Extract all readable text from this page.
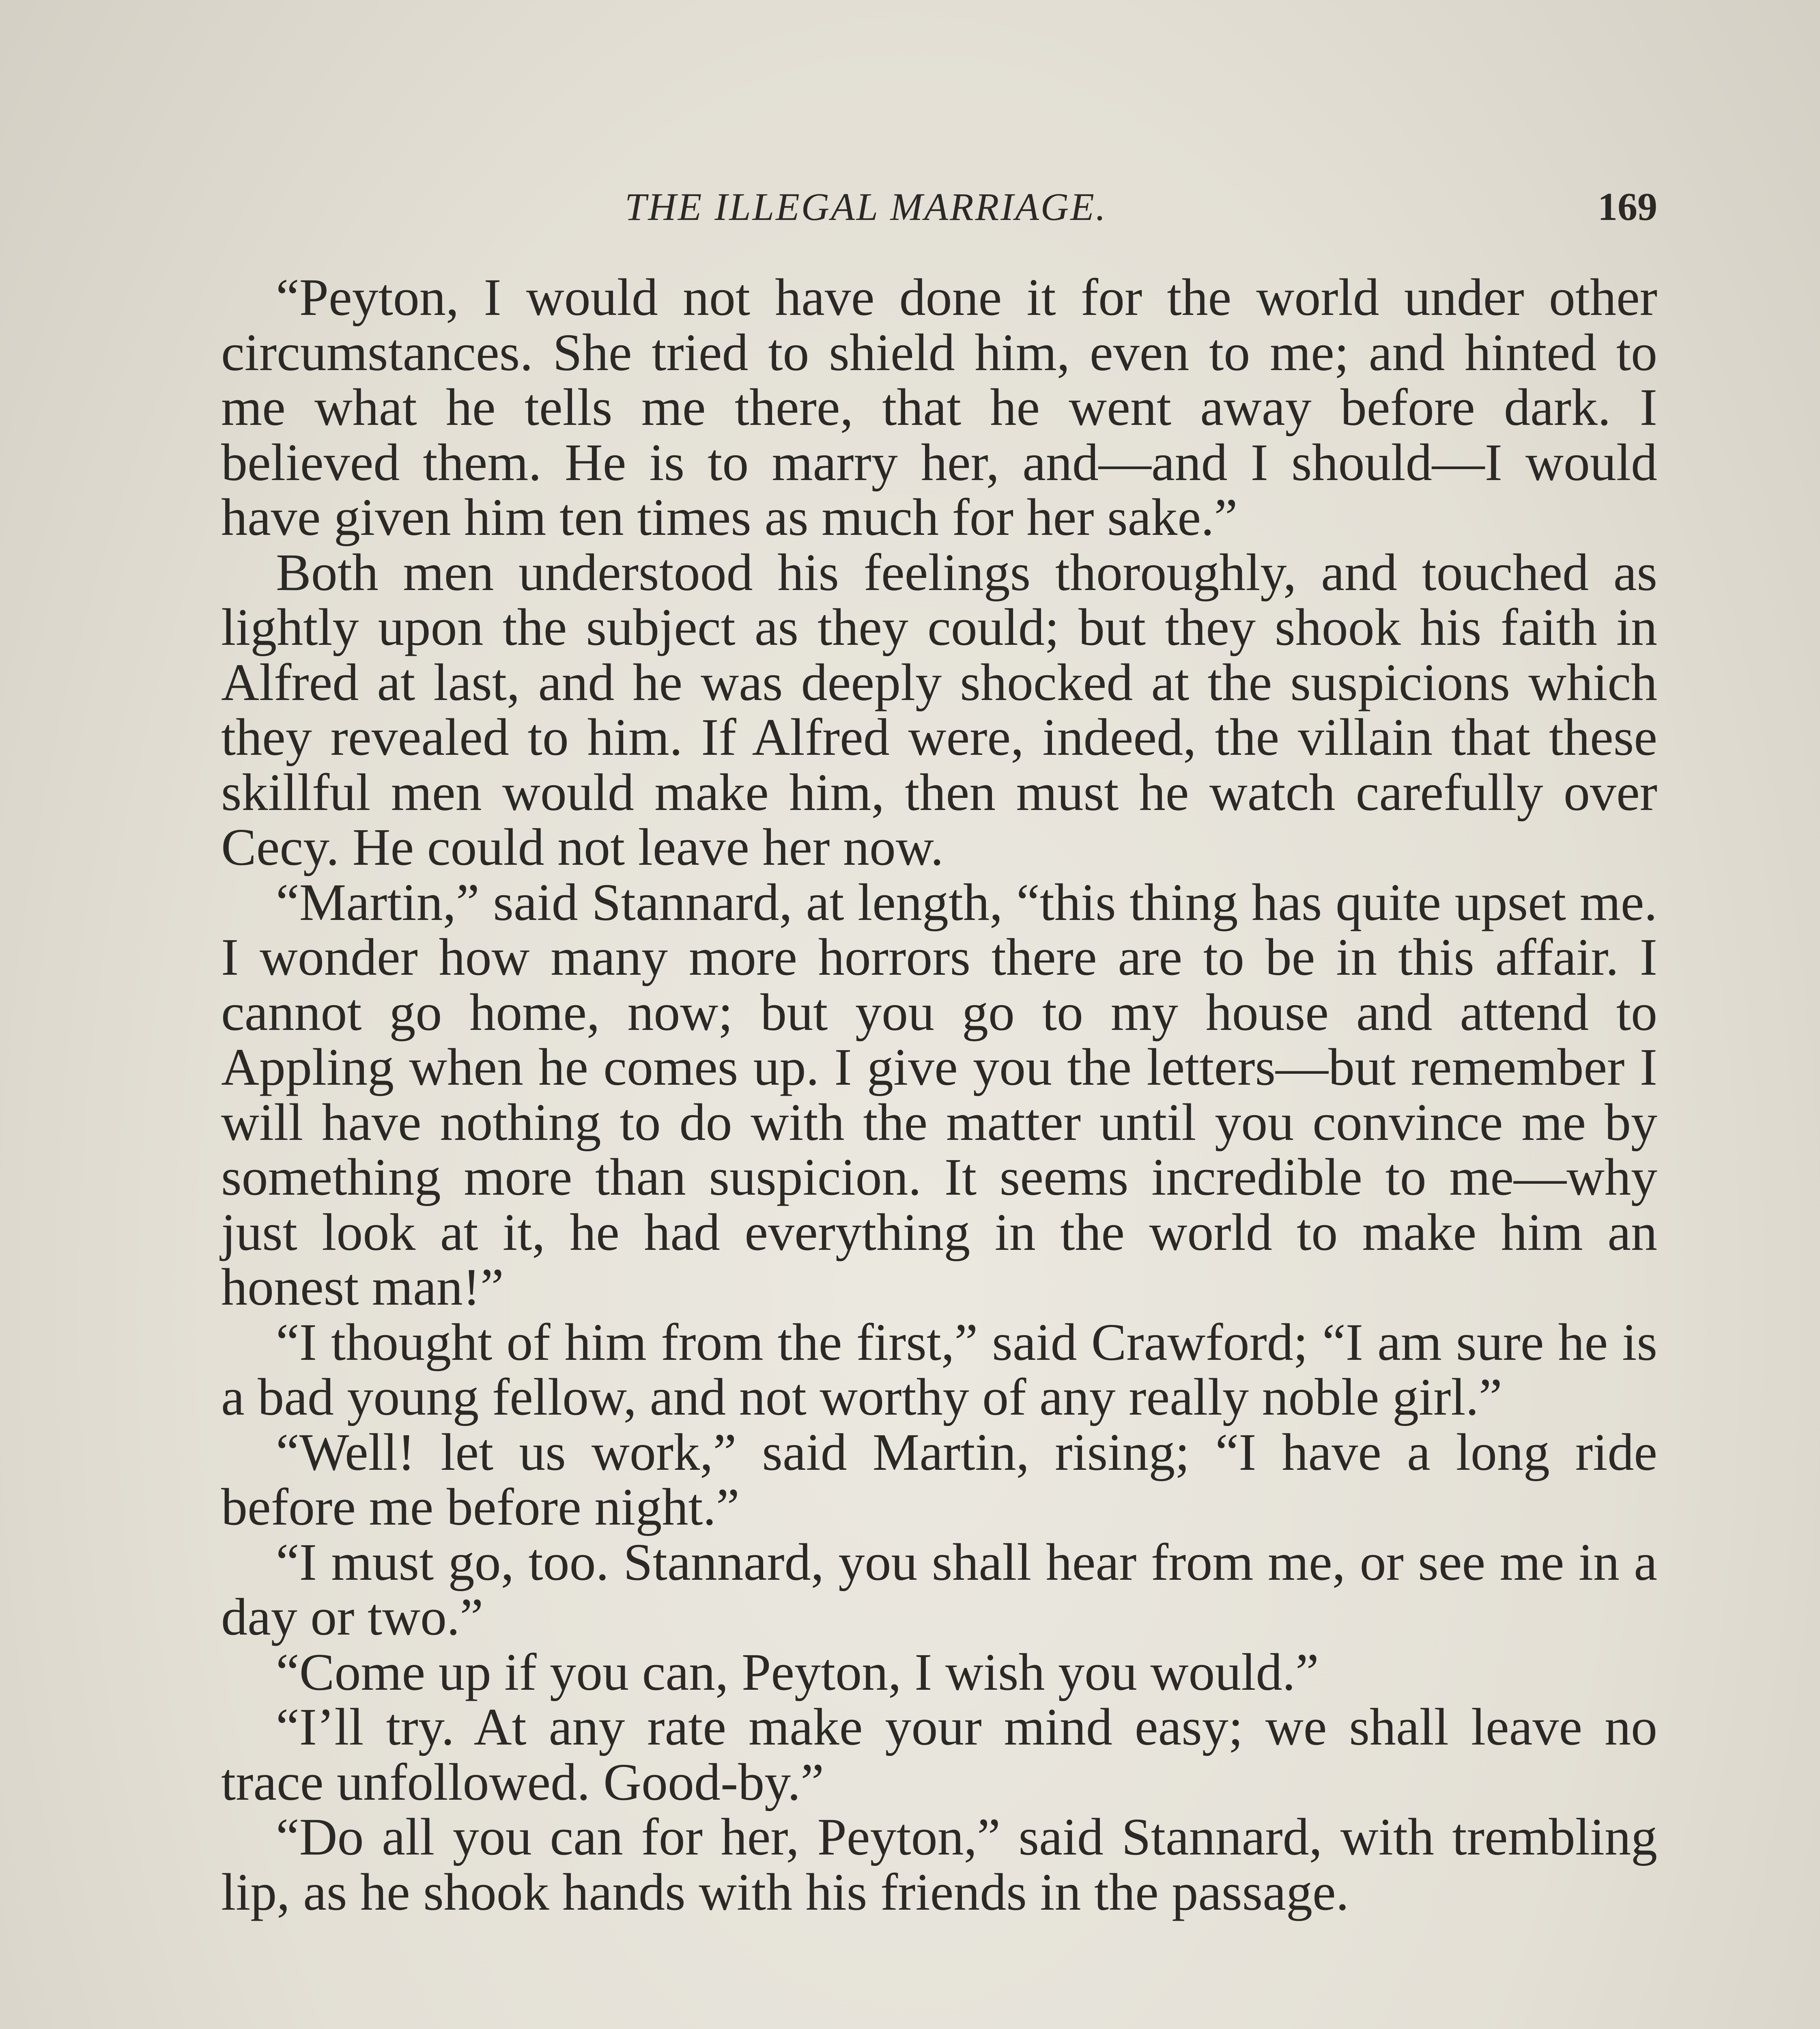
THE ILLEGAL MARRIAGE.	169

“Peyton, I would not have done it for the world under other circumstances. She tried to shield him, even to me; and hinted to me what he tells me there, that he went away before dark. I believed them. He is to marry her, and—and I should—I would have given him ten times as much for her sake.”

Both men understood his feelings thoroughly, and touched as lightly upon the subject as they could; but they shook his faith in Alfred at last, and he was deeply shocked at the suspicions which they revealed to him. If Alfred were, indeed, the villain that these skillful men would make him, then must he watch carefully over Cecy. He could not leave her now.

“Martin,” said Stannard, at length, “this thing has quite upset me. I wonder how many more horrors there are to be in this affair. I cannot go home, now; but you go to my house and attend to Appling when he comes up. I give you the letters—but remember I will have nothing to do with the matter until you convince me by something more than suspicion. It seems incredible to me—why just look at it, he had everything in the world to make him an honest man!”

“I thought of him from the first,” said Crawford; “I am sure he is a bad young fellow, and not worthy of any really noble girl.”

“Well! let us work,” said Martin, rising; “I have a long ride before me before night.”

“I must go, too. Stannard, you shall hear from me, or see me in a day or two.”

“Come up if you can, Peyton, I wish you would.”

“I’ll try. At any rate make your mind easy; we shall leave no trace unfollowed. Good-by.”

“Do all you can for her, Peyton,” said Stannard, with trembling lip, as he shook hands with his friends in the passage.
